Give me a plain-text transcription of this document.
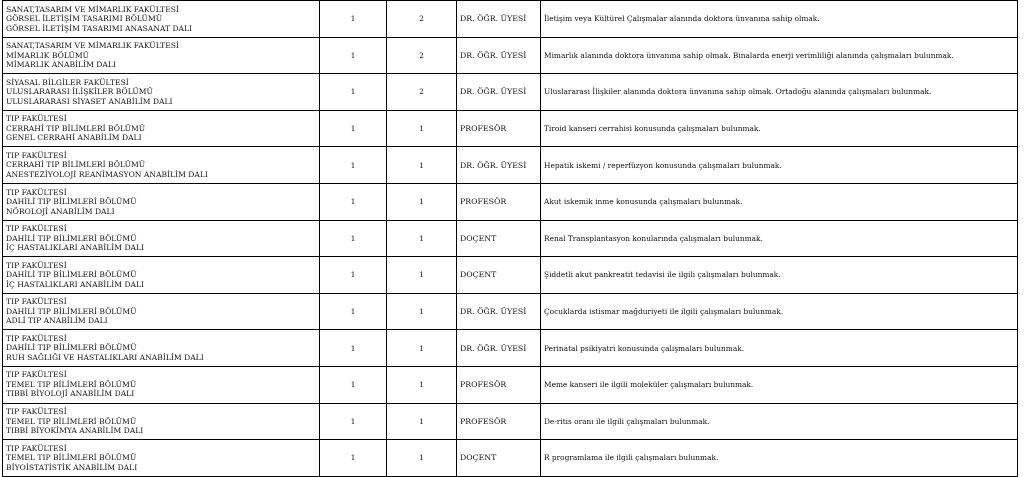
SANAT,TASARIM VE MİMARLIK FAKÜLTESİ
GÖRSEL İLETİŞİM TASARIMI BÖLÜMÜ
GÖRSEL İLETİŞİM TASARIMI ANASANAT DALI	1	2	DR. ÖĞR. ÜYESİ	İletişim veya Kültürel Çalışmalar alanında doktora ünvanına sahip olmak.

SANAT,TASARIM VE MİMARLIK FAKÜLTESİ
MİMARLIK BÖLÜMÜ
MİMARLIK ANABİLİM DALI	1	2	DR. ÖĞR. ÜYESİ	Mimarlık alanında doktora ünvanına sahip olmak. Binalarda enerji verimliliği alanında çalışmaları bulunmak.

SİYASAL BİLGİLER FAKÜLTESİ
ULUSLARARASI İLİŞKİLER BÖLÜMÜ
ULUSLARARASI SİYASET ANABİLİM DALI	1	2	DR. ÖĞR. ÜYESİ	Uluslararası İlişkiler alanında doktora ünvanına sahip olmak. Ortadoğu alanında çalışmaları bulunmak.

TIP FAKÜLTESİ
CERRAHİ TIP BİLİMLERİ BÖLÜMÜ
GENEL CERRAHİ ANABİLİM DALI	1	1	PROFESÖR	Tiroid kanseri cerrahisi konusunda çalışmaları bulunmak.

TIP FAKÜLTESİ
CERRAHİ TIP BİLİMLERİ BÖLÜMÜ
ANESTEZİYOLOJİ REANİMASYON ANABİLİM DALI	1	1	DR. ÖĞR. ÜYESİ	Hepatik iskemi / reperfüzyon konusunda çalışmaları bulunmak.

TIP FAKÜLTESİ
DAHİLİ TIP BİLİMLERİ BÖLÜMÜ
NÖROLOJİ ANABİLİM DALI	1	1	PROFESÖR	Akut iskemik inme konusunda çalışmaları bulunmak.

TIP FAKÜLTESİ
DAHİLİ TIP BİLİMLERİ BÖLÜMÜ
İÇ HASTALIKLARI ANABİLİM DALI	1	1	DOÇENT	Renal Transplantasyon konularında çalışmaları bulunmak.

TIP FAKÜLTESİ
DAHİLİ TIP BİLİMLERİ BÖLÜMÜ
İÇ HASTALIKLARI ANABİLİM DALI	1	1	DOÇENT	Şiddetli akut pankreatit tedavisi ile ilgili çalışmaları bulunmak.

TIP FAKÜLTESİ
DAHİLİ TIP BİLİMLERİ BÖLÜMÜ
ADLİ TIP ANABİLİM DALI	1	1	DR. ÖĞR. ÜYESİ	Çocuklarda istismar mağduriyeti ile ilgili çalışmaları bulunmak.

TIP FAKÜLTESİ
DAHİLİ TIP BİLİMLERİ BÖLÜMÜ
RUH SAĞLIĞI VE HASTALIKLARI ANABİLİM DALI	1	1	DR. ÖĞR. ÜYESİ	Perinatal psikiyatri konusunda çalışmaları bulunmak.

TIP FAKÜLTESİ
TEMEL TIP BİLİMLERİ BÖLÜMÜ
TIBBİ BİYOLOJİ ANABİLİM DALI	1	1	PROFESÖR	Meme kanseri ile ilgili moleküler çalışmaları bulunmak.

TIP FAKÜLTESİ
TEMEL TIP BİLİMLERİ BÖLÜMÜ
TIBBİ BİYOKİMYA ANABİLİM DALI	1	1	PROFESÖR	De-ritis oranı ile ilgili çalışmaları bulunmak.

TIP FAKÜLTESİ
TEMEL TIP BİLİMLERİ BÖLÜMÜ
BİYOİSTATİSTİK ANABİLİM DALI	1	1	DOÇENT	R programlama ile ilgili çalışmaları bulunmak.
